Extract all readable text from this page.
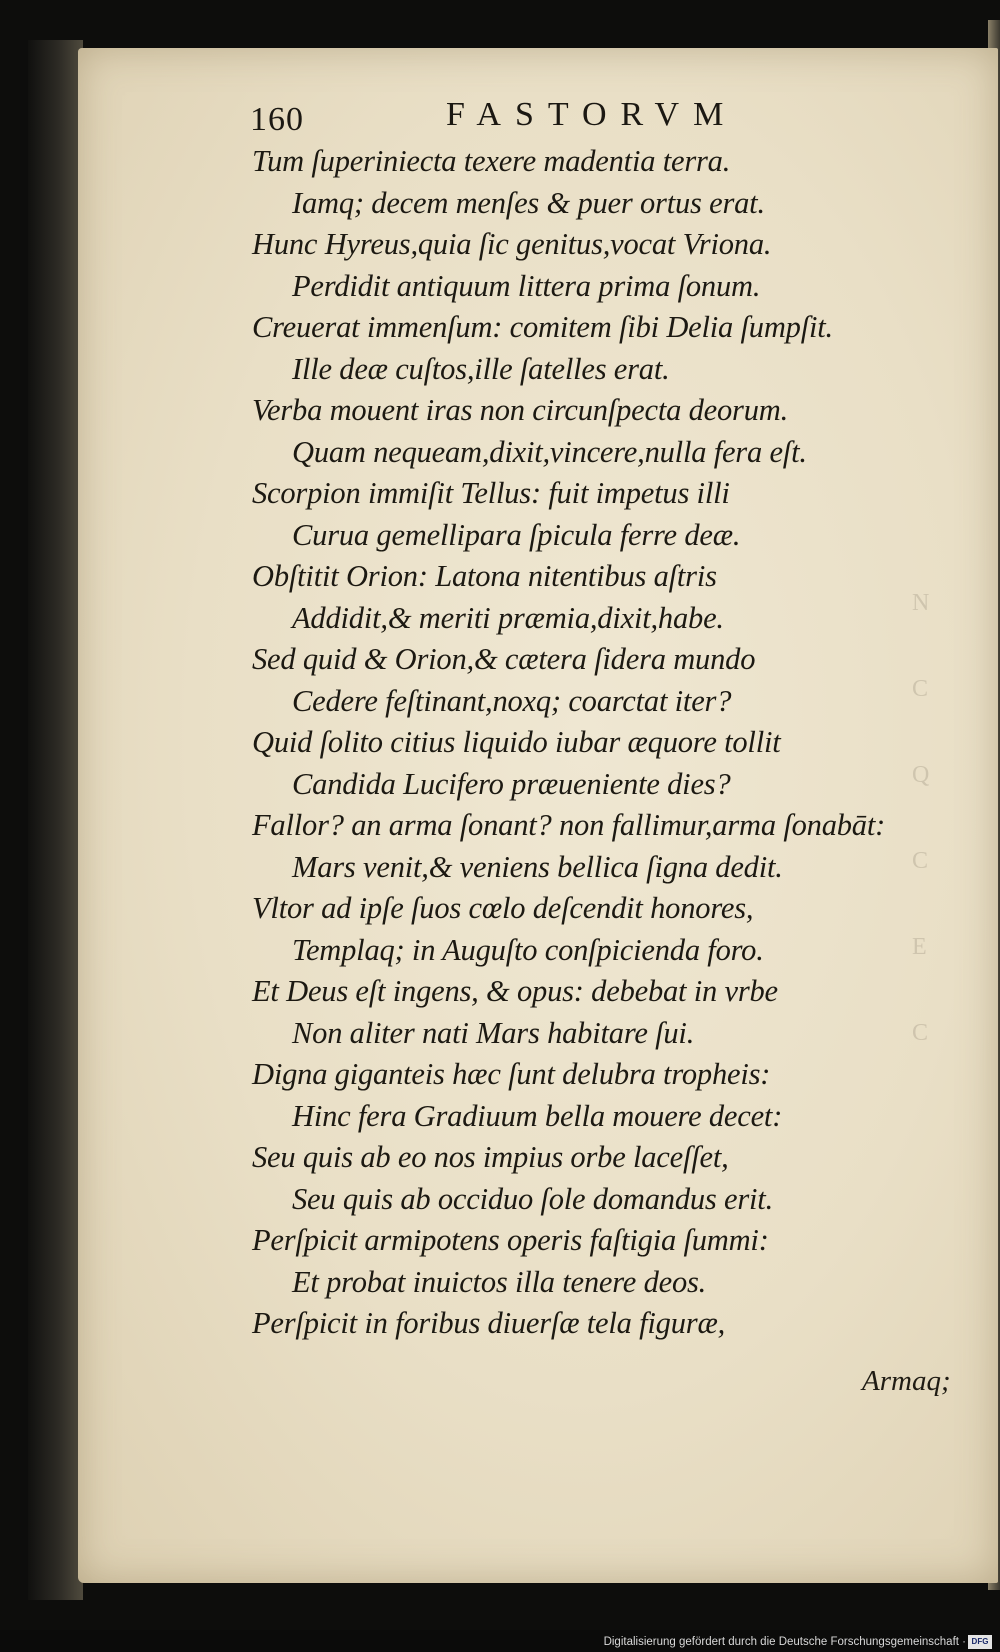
N
C
Q
C
E
C
160	FASTORVM
Tum ſuperiniecta texere madentia terra.
Iamq; decem menſes & puer ortus erat.
Hunc Hyreus,quia ſic genitus,vocat Vriona.
Perdidit antiquum littera prima ſonum.
Creuerat immenſum: comitem ſibi Delia ſumpſit.
Ille deæ cuſtos,ille ſatelles erat.
Verba mouent iras non circunſpecta deorum.
Quam nequeam,dixit,vincere,nulla fera eſt.
Scorpion immiſit Tellus: fuit impetus illi
Curua gemellipara ſpicula ferre deæ.
Obſtitit Orion: Latona nitentibus aſtris
Addidit,& meriti præmia,dixit,habe.
Sed quid & Orion,& cætera ſidera mundo
Cedere feſtinant,noxq; coarctat iter?
Quid ſolito citius liquido iubar æquore tollit
Candida Lucifero præueniente dies?
Fallor? an arma ſonant? non fallimur,arma ſonabāt:
Mars venit,& veniens bellica ſigna dedit.
Vltor ad ipſe ſuos cœlo deſcendit honores,
Templaq; in Auguſto conſpicienda foro.
Et Deus eſt ingens, & opus: debebat in vrbe
Non aliter nati Mars habitare ſui.
Digna giganteis hæc ſunt delubra tropheis:
Hinc fera Gradiuum bella mouere decet:
Seu quis ab eo nos impius orbe laceſſet,
Seu quis ab occiduo ſole domandus erit.
Perſpicit armipotens operis faſtigia ſummi:
Et probat inuictos illa tenere deos.
Perſpicit in foribus diuerſæ tela figuræ,
Armaq;
Digitalisierung gefördert durch die Deutsche Forschungsgemeinschaft · DFG
